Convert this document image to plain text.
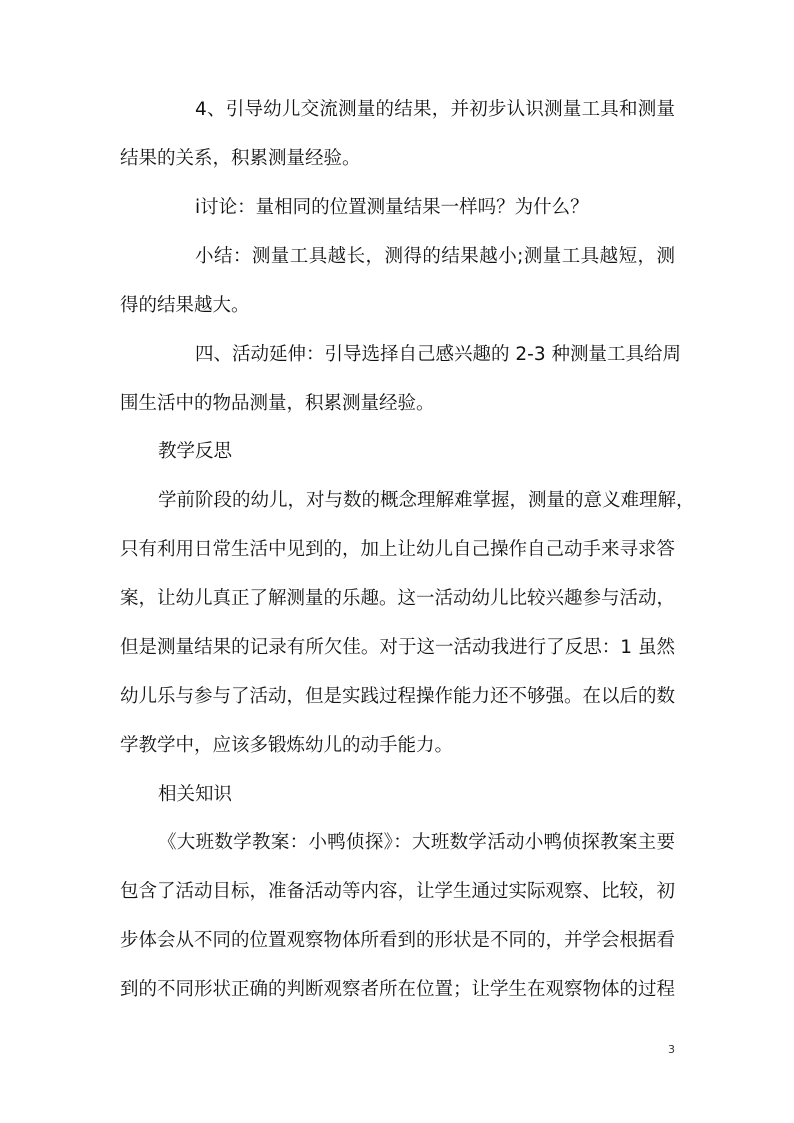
4、引导幼儿交流测量的结果，并初步认识测量工具和测量
结果的关系，积累测量经验。
i讨论：量相同的位置测量结果一样吗？为什么？
小结：测量工具越长，测得的结果越小;测量工具越短，测
得的结果越大。
四、活动延伸：引导选择自己感兴趣的 2-3 种测量工具给周
围生活中的物品测量，积累测量经验。
教学反思
学前阶段的幼儿，对与数的概念理解难掌握，测量的意义难理解，
只有利用日常生活中见到的，加上让幼儿自己操作自己动手来寻求答
案，让幼儿真正了解测量的乐趣。这一活动幼儿比较兴趣参与活动，
但是测量结果的记录有所欠佳。对于这一活动我进行了反思：1 虽然
幼儿乐与参与了活动，但是实践过程操作能力还不够强。在以后的数
学教学中，应该多锻炼幼儿的动手能力。
相关知识
《大班数学教案：小鸭侦探》：大班数学活动小鸭侦探教案主要
包含了活动目标，准备活动等内容，让学生通过实际观察、比较，初
步体会从不同的位置观察物体所看到的形状是不同的，并学会根据看
到的不同形状正确的判断观察者所在位置；让学生在观察物体的过程
3
